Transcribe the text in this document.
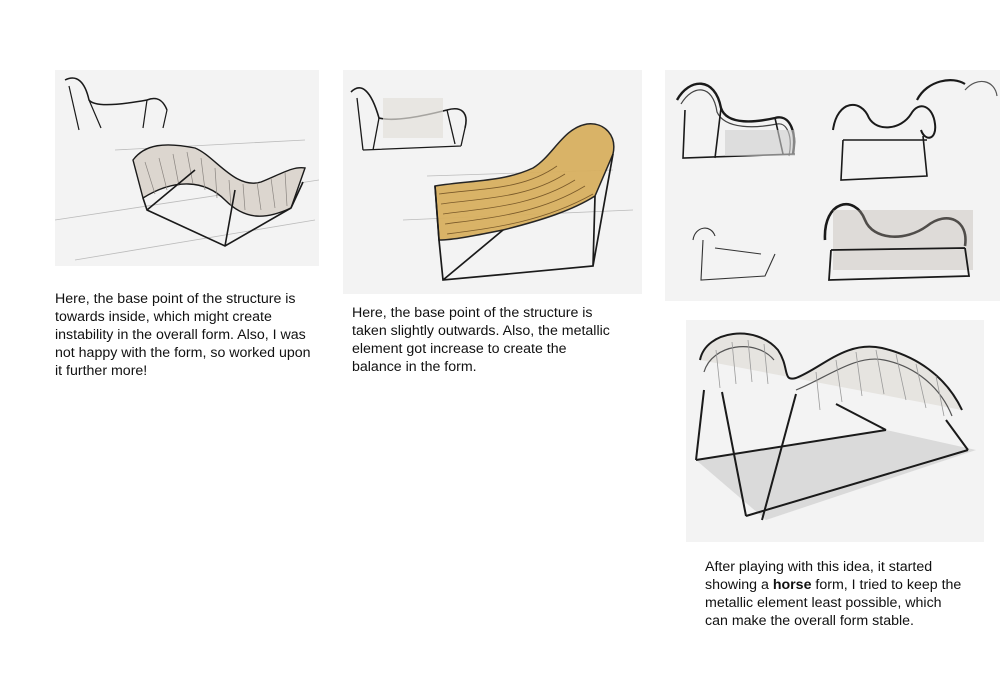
Here, the base point of the structure is towards inside, which might create instability in the overall form. Also, I was not happy with the form, so worked upon it further more!
Here, the base point of the structure is taken slightly outwards. Also, the metallic element got increase to create the balance in the form.
After playing with this idea, it started showing a horse form, I tried to keep the metallic element least possible, which can make the overall form stable.
